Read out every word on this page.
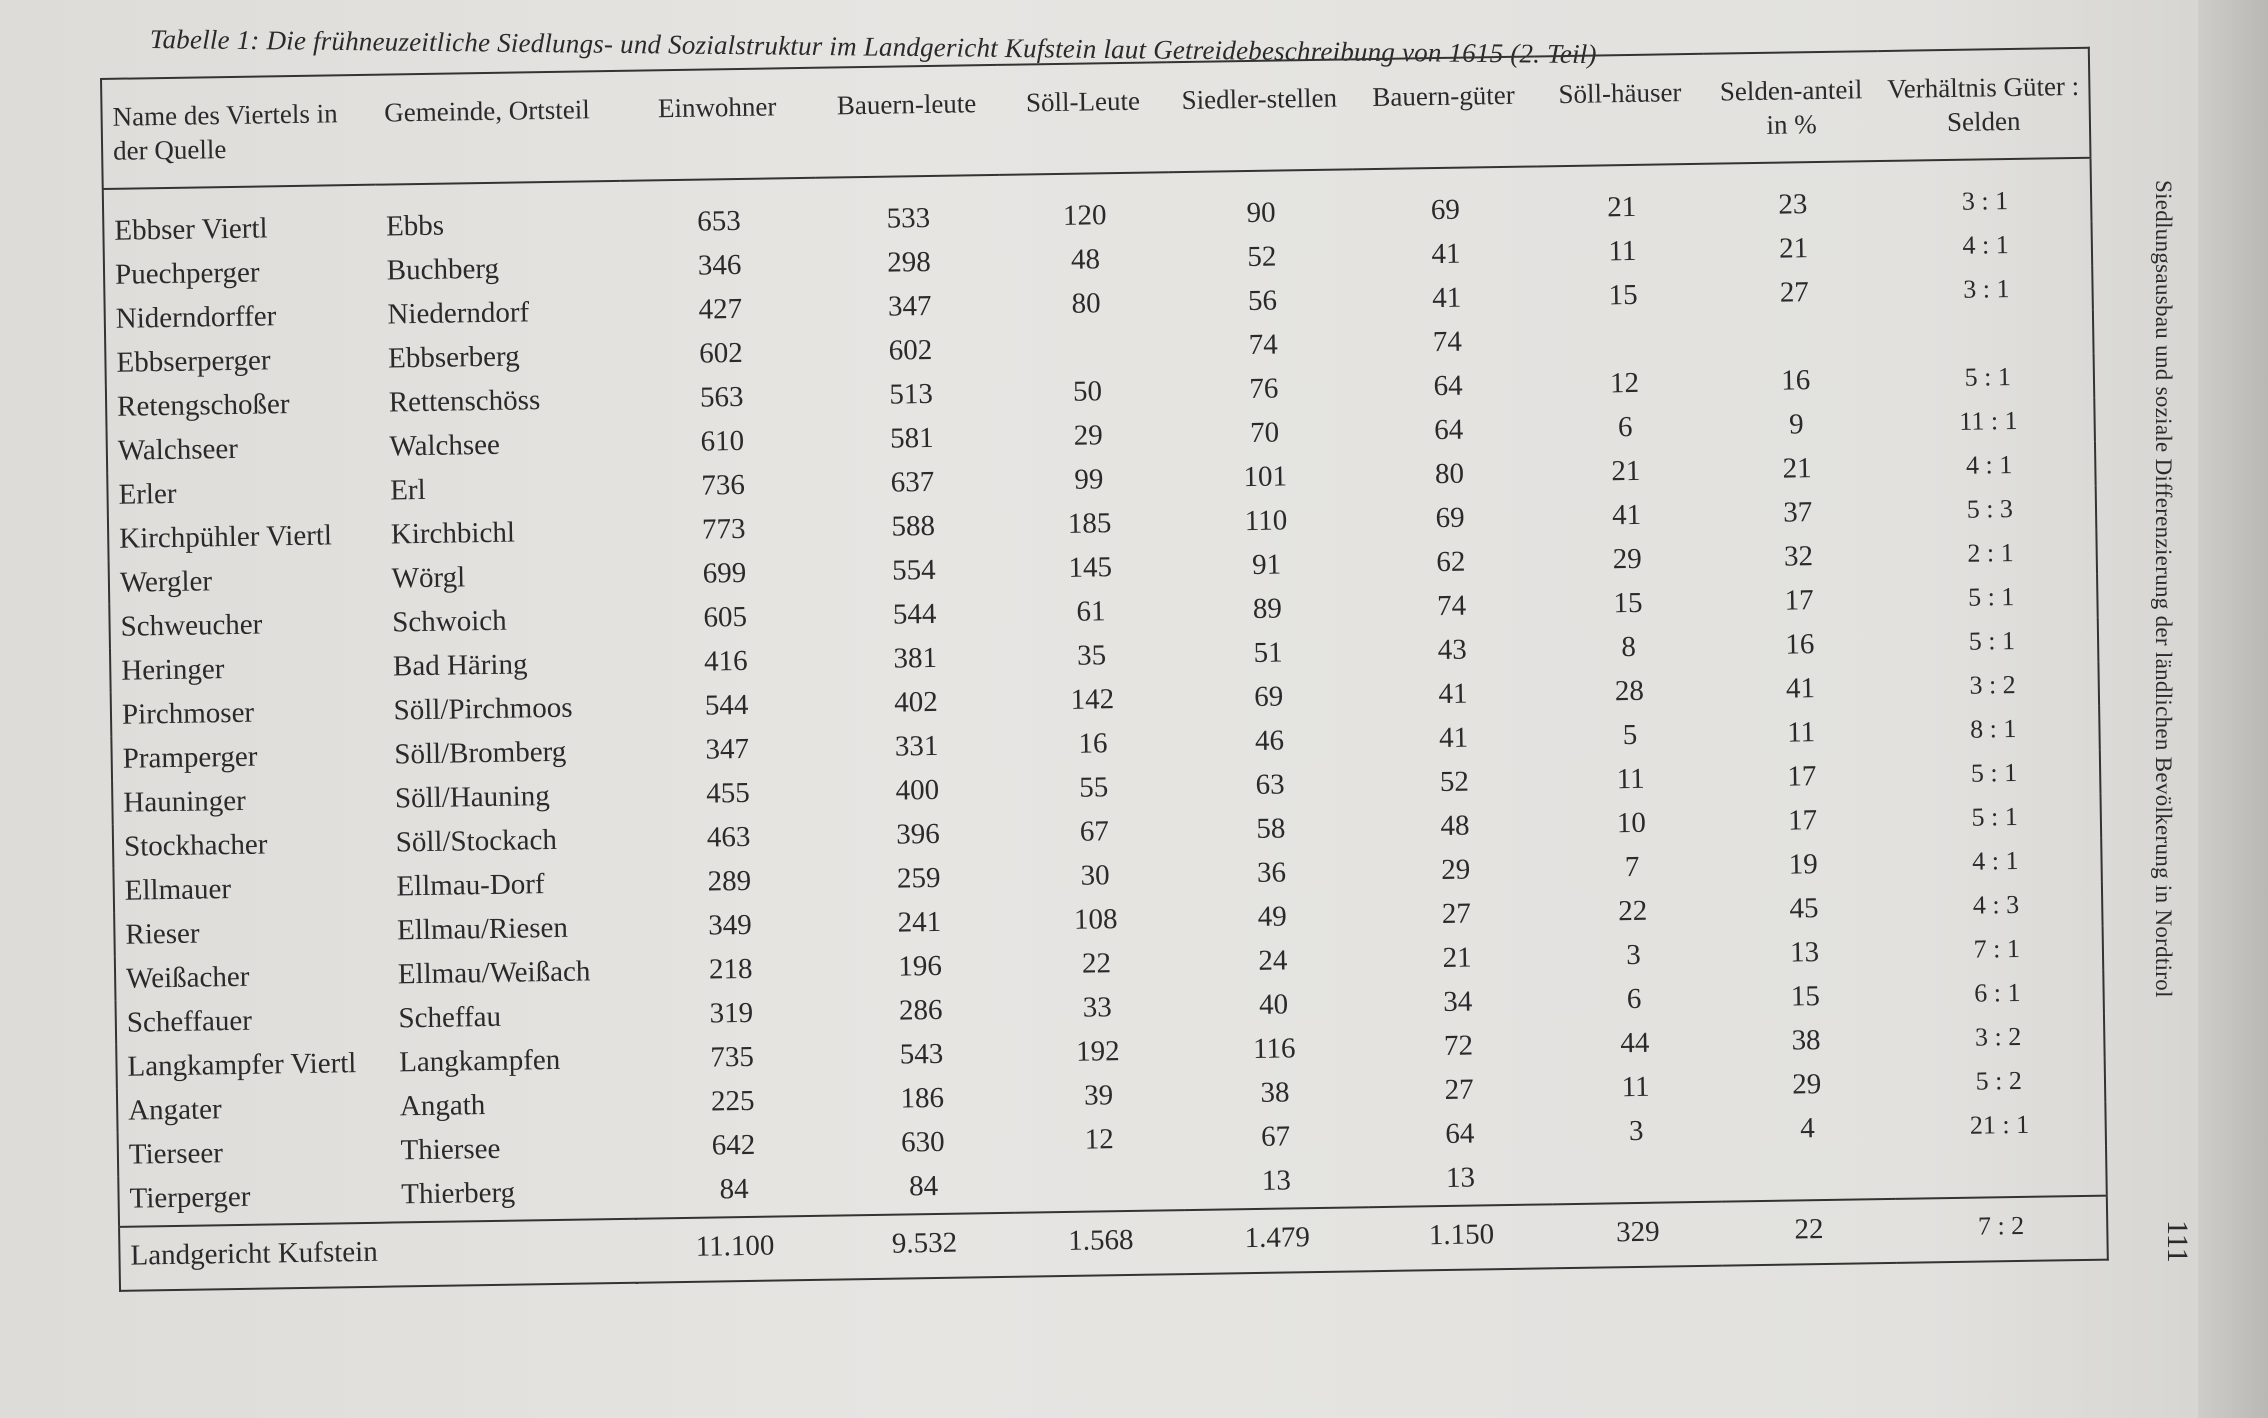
Tabelle 1: Die frühneuzeitliche Siedlungs- und Sozialstruktur im Landgericht Kufstein laut Getreidebeschreibung von 1615 (2. Teil)
Name des Viertels in der Quelle	Gemeinde, Ortsteil	Einwohner	Bauern-leute	Söll-Leute	Siedler-stellen	Bauern-güter	Söll-häuser	Selden-anteil in %	Verhältnis Güter : Selden
Ebbser Viertl	Ebbs	653	533	120	90	69	21	23	3 : 1
Puechperger	Buchberg	346	298	48	52	41	11	21	4 : 1
Niderndorffer	Niederndorf	427	347	80	56	41	15	27	3 : 1
Ebbserperger	Ebbserberg	602	602		74	74			
Retengschoßer	Rettenschöss	563	513	50	76	64	12	16	5 : 1
Walchseer	Walchsee	610	581	29	70	64	6	9	11 : 1
Erler	Erl	736	637	99	101	80	21	21	4 : 1
Kirchpühler Viertl	Kirchbichl	773	588	185	110	69	41	37	5 : 3
Wergler	Wörgl	699	554	145	91	62	29	32	2 : 1
Schweucher	Schwoich	605	544	61	89	74	15	17	5 : 1
Heringer	Bad Häring	416	381	35	51	43	8	16	5 : 1
Pirchmoser	Söll/Pirchmoos	544	402	142	69	41	28	41	3 : 2
Pramperger	Söll/Bromberg	347	331	16	46	41	5	11	8 : 1
Hauninger	Söll/Hauning	455	400	55	63	52	11	17	5 : 1
Stockhacher	Söll/Stockach	463	396	67	58	48	10	17	5 : 1
Ellmauer	Ellmau-Dorf	289	259	30	36	29	7	19	4 : 1
Rieser	Ellmau/Riesen	349	241	108	49	27	22	45	4 : 3
Weißacher	Ellmau/Weißach	218	196	22	24	21	3	13	7 : 1
Scheffauer	Scheffau	319	286	33	40	34	6	15	6 : 1
Langkampfer Viertl	Langkampfen	735	543	192	116	72	44	38	3 : 2
Angater	Angath	225	186	39	38	27	11	29	5 : 2
Tierseer	Thiersee	642	630	12	67	64	3	4	21 : 1
Tierperger	Thierberg	84	84		13	13			
Landgericht Kufstein		11.100	9.532	1.568	1.479	1.150	329	22	7 : 2
Siedlungsausbau und soziale Differenzierung der ländlichen Bevölkerung in Nordtirol
111
